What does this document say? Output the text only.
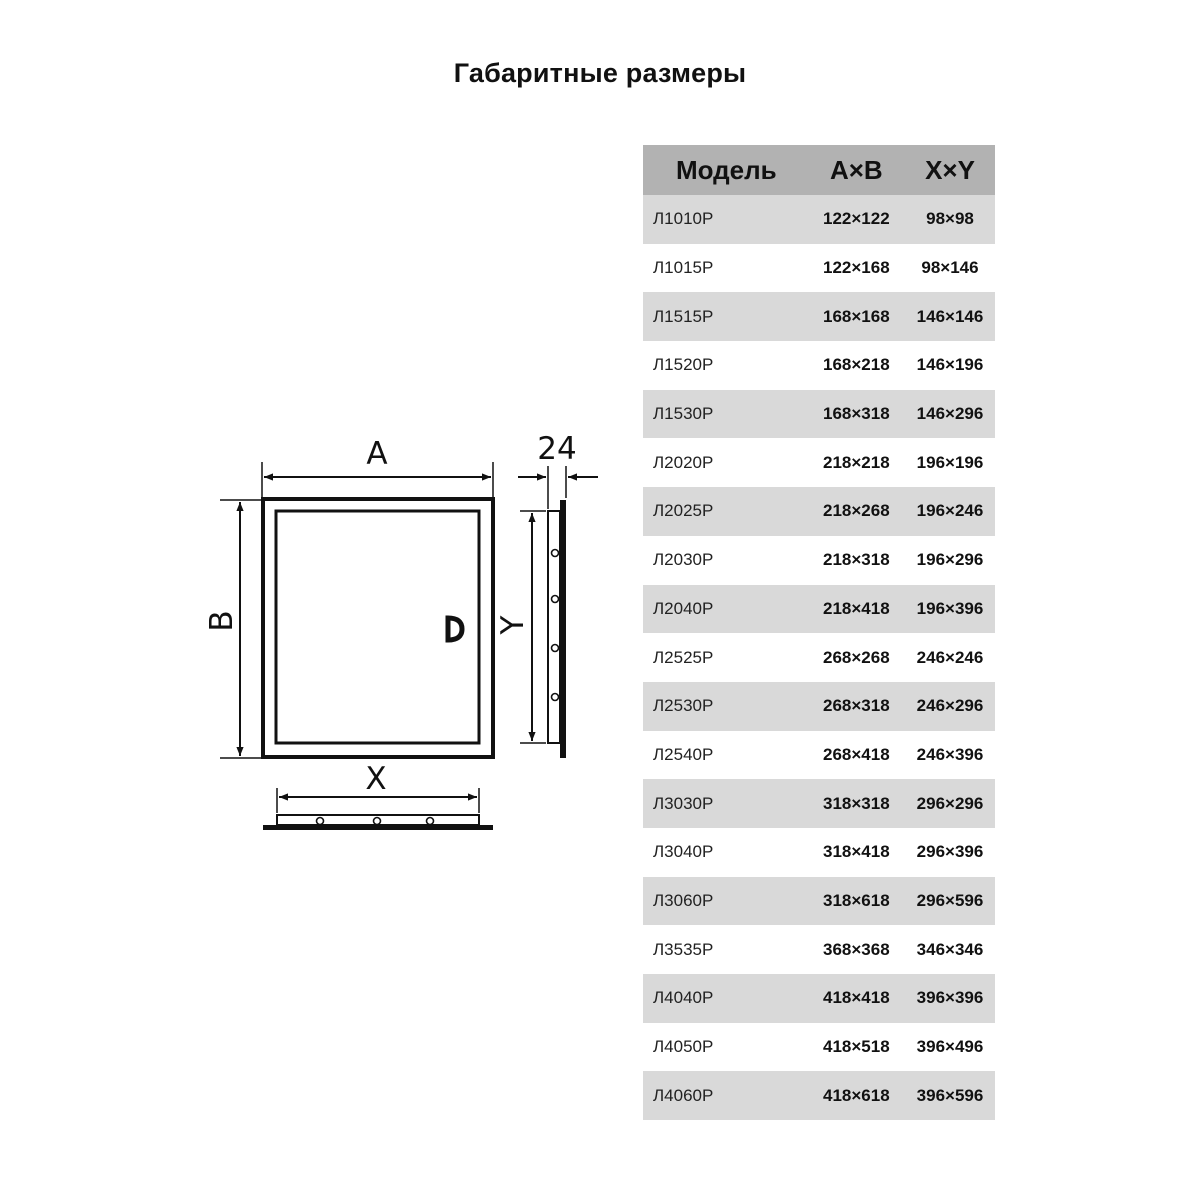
Габаритные размеры
A
X
24
B	Y
Модель	A×B	X×Y
Л1010Р	122×122	98×98
Л1015Р	122×168	98×146
Л1515Р	168×168	146×146
Л1520Р	168×218	146×196
Л1530Р	168×318	146×296
Л2020Р	218×218	196×196
Л2025Р	218×268	196×246
Л2030Р	218×318	196×296
Л2040Р	218×418	196×396
Л2525Р	268×268	246×246
Л2530Р	268×318	246×296
Л2540Р	268×418	246×396
Л3030Р	318×318	296×296
Л3040Р	318×418	296×396
Л3060Р	318×618	296×596
Л3535Р	368×368	346×346
Л4040Р	418×418	396×396
Л4050Р	418×518	396×496
Л4060Р	418×618	396×596
